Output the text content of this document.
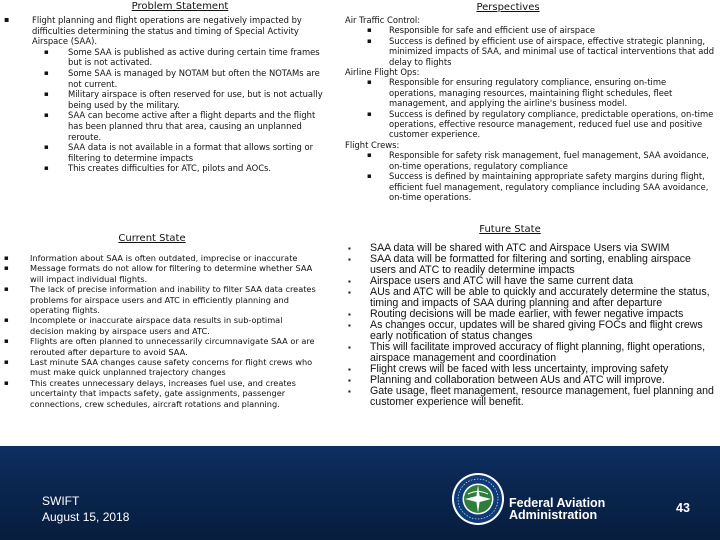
Problem Statement
▪ Flight planning and flight operations are negatively impacted by difficulties determining the status and timing of Special Activity Airspace (SAA).
▪ Some SAA is published as active during certain time frames but is not activated.
▪ Some SAA is managed by NOTAM but often the NOTAMs are not current.
▪ Military airspace is often reserved for use, but is not actually being used by the military.
▪ SAA can become active after a flight departs and the flight has been planned thru that area, causing an unplanned reroute.
▪ SAA data is not available in a format that allows sorting or filtering to determine impacts
▪ This creates difficulties for ATC, pilots and AOCs.
Perspectives
Air Traffic Control:
▪ Responsible for safe and efficient use of airspace
▪ Success is defined by efficient use of airspace, effective strategic planning, minimized impacts of SAA, and minimal use of tactical interventions that add delay to flights
Airline Flight Ops:
▪ Responsible for ensuring regulatory compliance, ensuring on-time operations, managing resources, maintaining flight schedules, fleet management, and applying the airline's business model.
▪ Success is defined by regulatory compliance, predictable operations, on-time operations, effective resource management, reduced fuel use and positive customer experience.
Flight Crews:
▪ Responsible for safety risk management, fuel management, SAA avoidance, on-time operations, regulatory compliance
▪ Success is defined by maintaining appropriate safety margins during flight, efficient fuel management, regulatory compliance including SAA avoidance, on-time operations.
Current State
▪ Information about SAA is often outdated, imprecise or inaccurate
▪ Message formats do not allow for filtering to determine whether SAA will impact individual flights.
▪ The lack of precise information and inability to filter SAA data creates problems for airspace users and ATC in efficiently planning and operating flights.
▪ Incomplete or inaccurate airspace data results in sub-optimal decision making by airspace users and ATC.
▪ Flights are often planned to unnecessarily circumnavigate SAA or are rerouted after departure to avoid SAA.
▪ Last minute SAA changes cause safety concerns for flight crews who must make quick unplanned trajectory changes
▪ This creates unnecessary delays, increases fuel use, and creates uncertainty that impacts safety, gate assignments, passenger connections, crew schedules, aircraft rotations and planning.
Future State
▪ SAA data will be shared with ATC and Airspace Users via SWIM
▪ SAA data will be formatted for filtering and sorting, enabling airspace users and ATC to readily determine impacts
▪ Airspace users and ATC will have the same current data
▪ AUs and ATC will be able to quickly and accurately determine the status, timing and impacts of SAA during planning and after departure
▪ Routing decisions will be made earlier, with fewer negative impacts
▪ As changes occur, updates will be shared giving FOCs and flight crews early notification of status changes
▪ This will facilitate improved accuracy of flight planning, flight operations, airspace management and coordination
▪ Flight crews will be faced with less uncertainty, improving safety
▪ Planning and collaboration between AUs and ATC will improve.
▪ Gate usage, fleet management, resource management, fuel planning and customer experience will benefit.
SWIFT
August 15, 2018
Federal Aviation
Administration	43
